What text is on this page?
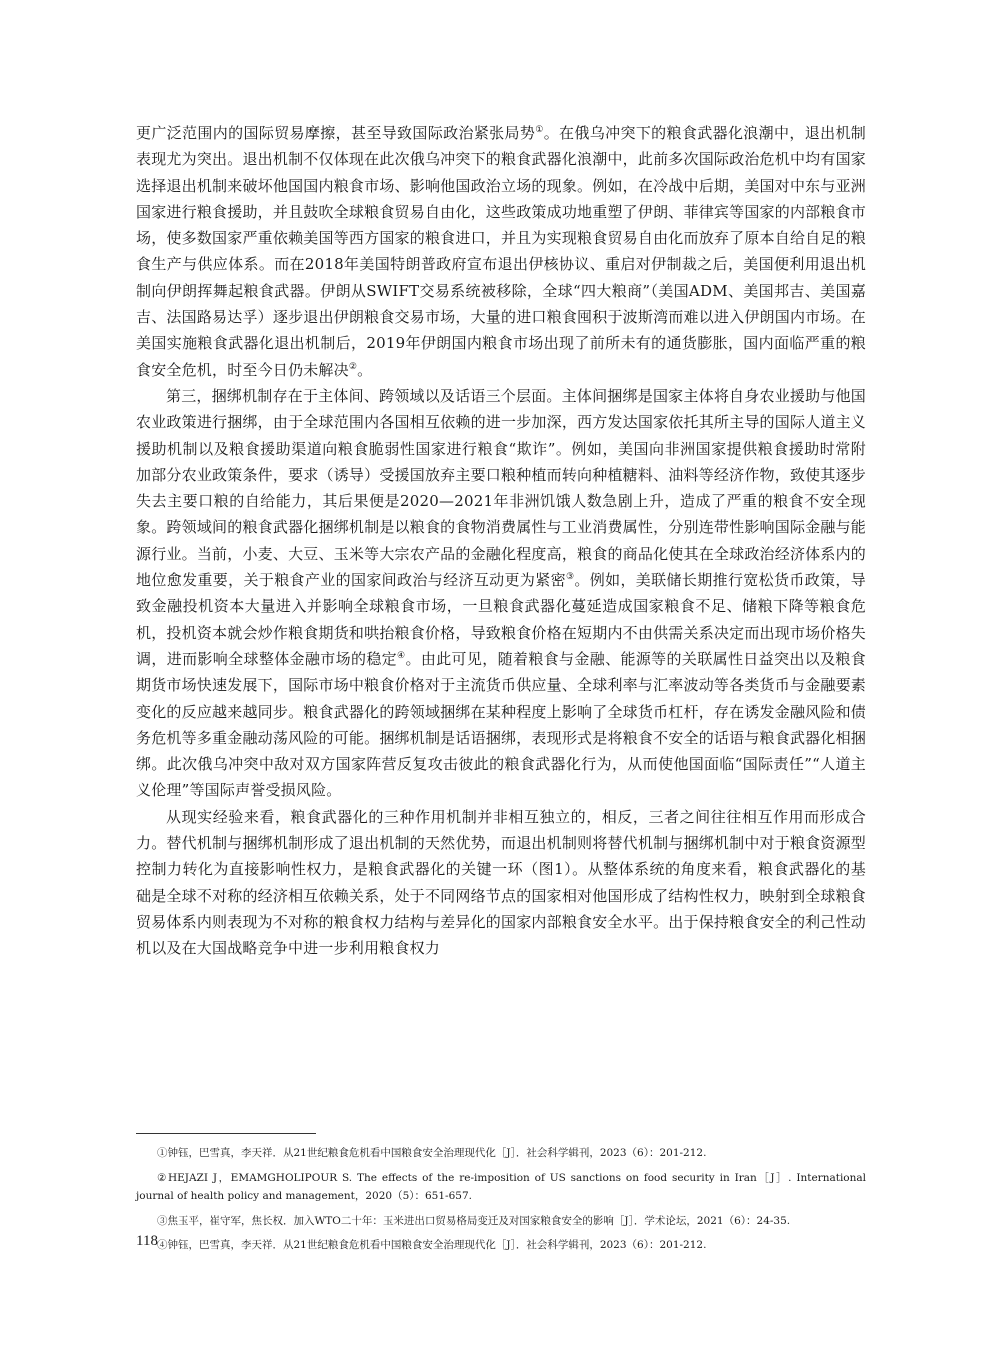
更广泛范围内的国际贸易摩擦，甚至导致国际政治紧张局势①。在俄乌冲突下的粮食武器化浪潮中，退出机制表现尤为突出。退出机制不仅体现在此次俄乌冲突下的粮食武器化浪潮中，此前多次国际政治危机中均有国家选择退出机制来破坏他国国内粮食市场、影响他国政治立场的现象。例如，在冷战中后期，美国对中东与亚洲国家进行粮食援助，并且鼓吹全球粮食贸易自由化，这些政策成功地重塑了伊朗、菲律宾等国家的内部粮食市场，使多数国家严重依赖美国等西方国家的粮食进口，并且为实现粮食贸易自由化而放弃了原本自给自足的粮食生产与供应体系。而在2018年美国特朗普政府宣布退出伊核协议、重启对伊制裁之后，美国便利用退出机制向伊朗挥舞起粮食武器。伊朗从SWIFT交易系统被移除，全球“四大粮商”（美国ADM、美国邦吉、美国嘉吉、法国路易达孚）逐步退出伊朗粮食交易市场，大量的进口粮食囤积于波斯湾而难以进入伊朗国内市场。在美国实施粮食武器化退出机制后，2019年伊朗国内粮食市场出现了前所未有的通货膨胀，国内面临严重的粮食安全危机，时至今日仍未解决②。

第三，捆绑机制存在于主体间、跨领域以及话语三个层面。主体间捆绑是国家主体将自身农业援助与他国农业政策进行捆绑，由于全球范围内各国相互依赖的进一步加深，西方发达国家依托其所主导的国际人道主义援助机制以及粮食援助渠道向粮食脆弱性国家进行粮食“欺诈”。例如，美国向非洲国家提供粮食援助时常附加部分农业政策条件，要求（诱导）受援国放弃主要口粮种植而转向种植糖料、油料等经济作物，致使其逐步失去主要口粮的自给能力，其后果便是2020—2021年非洲饥饿人数急剧上升，造成了严重的粮食不安全现象。跨领域间的粮食武器化捆绑机制是以粮食的食物消费属性与工业消费属性，分别连带性影响国际金融与能源行业。当前，小麦、大豆、玉米等大宗农产品的金融化程度高，粮食的商品化使其在全球政治经济体系内的地位愈发重要，关于粮食产业的国家间政治与经济互动更为紧密③。例如，美联储长期推行宽松货币政策，导致金融投机资本大量进入并影响全球粮食市场，一旦粮食武器化蔓延造成国家粮食不足、储粮下降等粮食危机，投机资本就会炒作粮食期货和哄抬粮食价格，导致粮食价格在短期内不由供需关系决定而出现市场价格失调，进而影响全球整体金融市场的稳定④。由此可见，随着粮食与金融、能源等的关联属性日益突出以及粮食期货市场快速发展下，国际市场中粮食价格对于主流货币供应量、全球利率与汇率波动等各类货币与金融要素变化的反应越来越同步。粮食武器化的跨领域捆绑在某种程度上影响了全球货币杠杆，存在诱发金融风险和债务危机等多重金融动荡风险的可能。捆绑机制是话语捆绑，表现形式是将粮食不安全的话语与粮食武器化相捆绑。此次俄乌冲突中敌对双方国家阵营反复攻击彼此的粮食武器化行为，从而使他国面临“国际责任”“人道主义伦理”等国际声誉受损风险。

从现实经验来看，粮食武器化的三种作用机制并非相互独立的，相反，三者之间往往相互作用而形成合力。替代机制与捆绑机制形成了退出机制的天然优势，而退出机制则将替代机制与捆绑机制中对于粮食资源型控制力转化为直接影响性权力，是粮食武器化的关键一环（图1）。从整体系统的角度来看，粮食武器化的基础是全球不对称的经济相互依赖关系，处于不同网络节点的国家相对他国形成了结构性权力，映射到全球粮食贸易体系内则表现为不对称的粮食权力结构与差异化的国家内部粮食安全水平。出于保持粮食安全的利己性动机以及在大国战略竞争中进一步利用粮食权力

①钟钰，巴雪真，李天祥．从21世纪粮食危机看中国粮食安全治理现代化［J］．社会科学辑刊，2023（6）：201-212.

②HEJAZI J，EMAMGHOLIPOUR S. The effects of the re-imposition of US sanctions on food security in Iran［J］. International journal of health policy and management，2020（5）：651-657.

③焦玉平，崔守军，焦长权．加入WTO二十年：玉米进出口贸易格局变迁及对国家粮食安全的影响［J］．学术论坛，2021（6）：24-35.

④钟钰，巴雪真，李天祥．从21世纪粮食危机看中国粮食安全治理现代化［J］．社会科学辑刊，2023（6）：201-212.

118
